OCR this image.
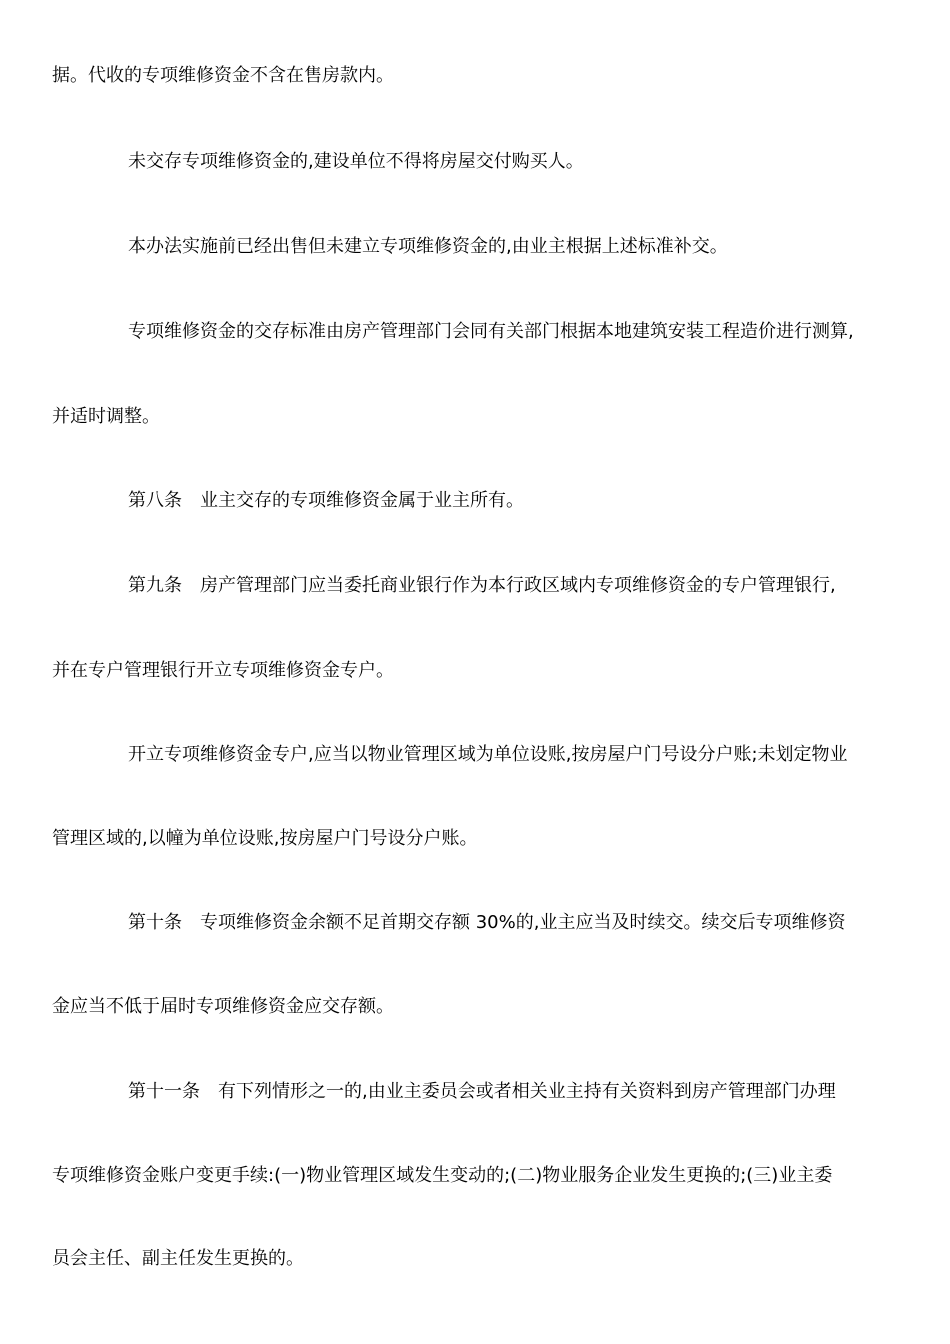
据。代收的专项维修资金不含在售房款内。
未交存专项维修资金的,建设单位不得将房屋交付购买人。
本办法实施前已经出售但未建立专项维修资金的,由业主根据上述标准补交。
专项维修资金的交存标准由房产管理部门会同有关部门根据本地建筑安装工程造价进行测算,
并适时调整。
第八条　业主交存的专项维修资金属于业主所有。
第九条　房产管理部门应当委托商业银行作为本行政区域内专项维修资金的专户管理银行,
并在专户管理银行开立专项维修资金专户。
开立专项维修资金专户,应当以物业管理区域为单位设账,按房屋户门号设分户账;未划定物业
管理区域的,以幢为单位设账,按房屋户门号设分户账。
第十条　专项维修资金余额不足首期交存额 30%的,业主应当及时续交。续交后专项维修资
金应当不低于届时专项维修资金应交存额。
第十一条　有下列情形之一的,由业主委员会或者相关业主持有关资料到房产管理部门办理
专项维修资金账户变更手续:(一)物业管理区域发生变动的;(二)物业服务企业发生更换的;(三)业主委
员会主任、副主任发生更换的。
